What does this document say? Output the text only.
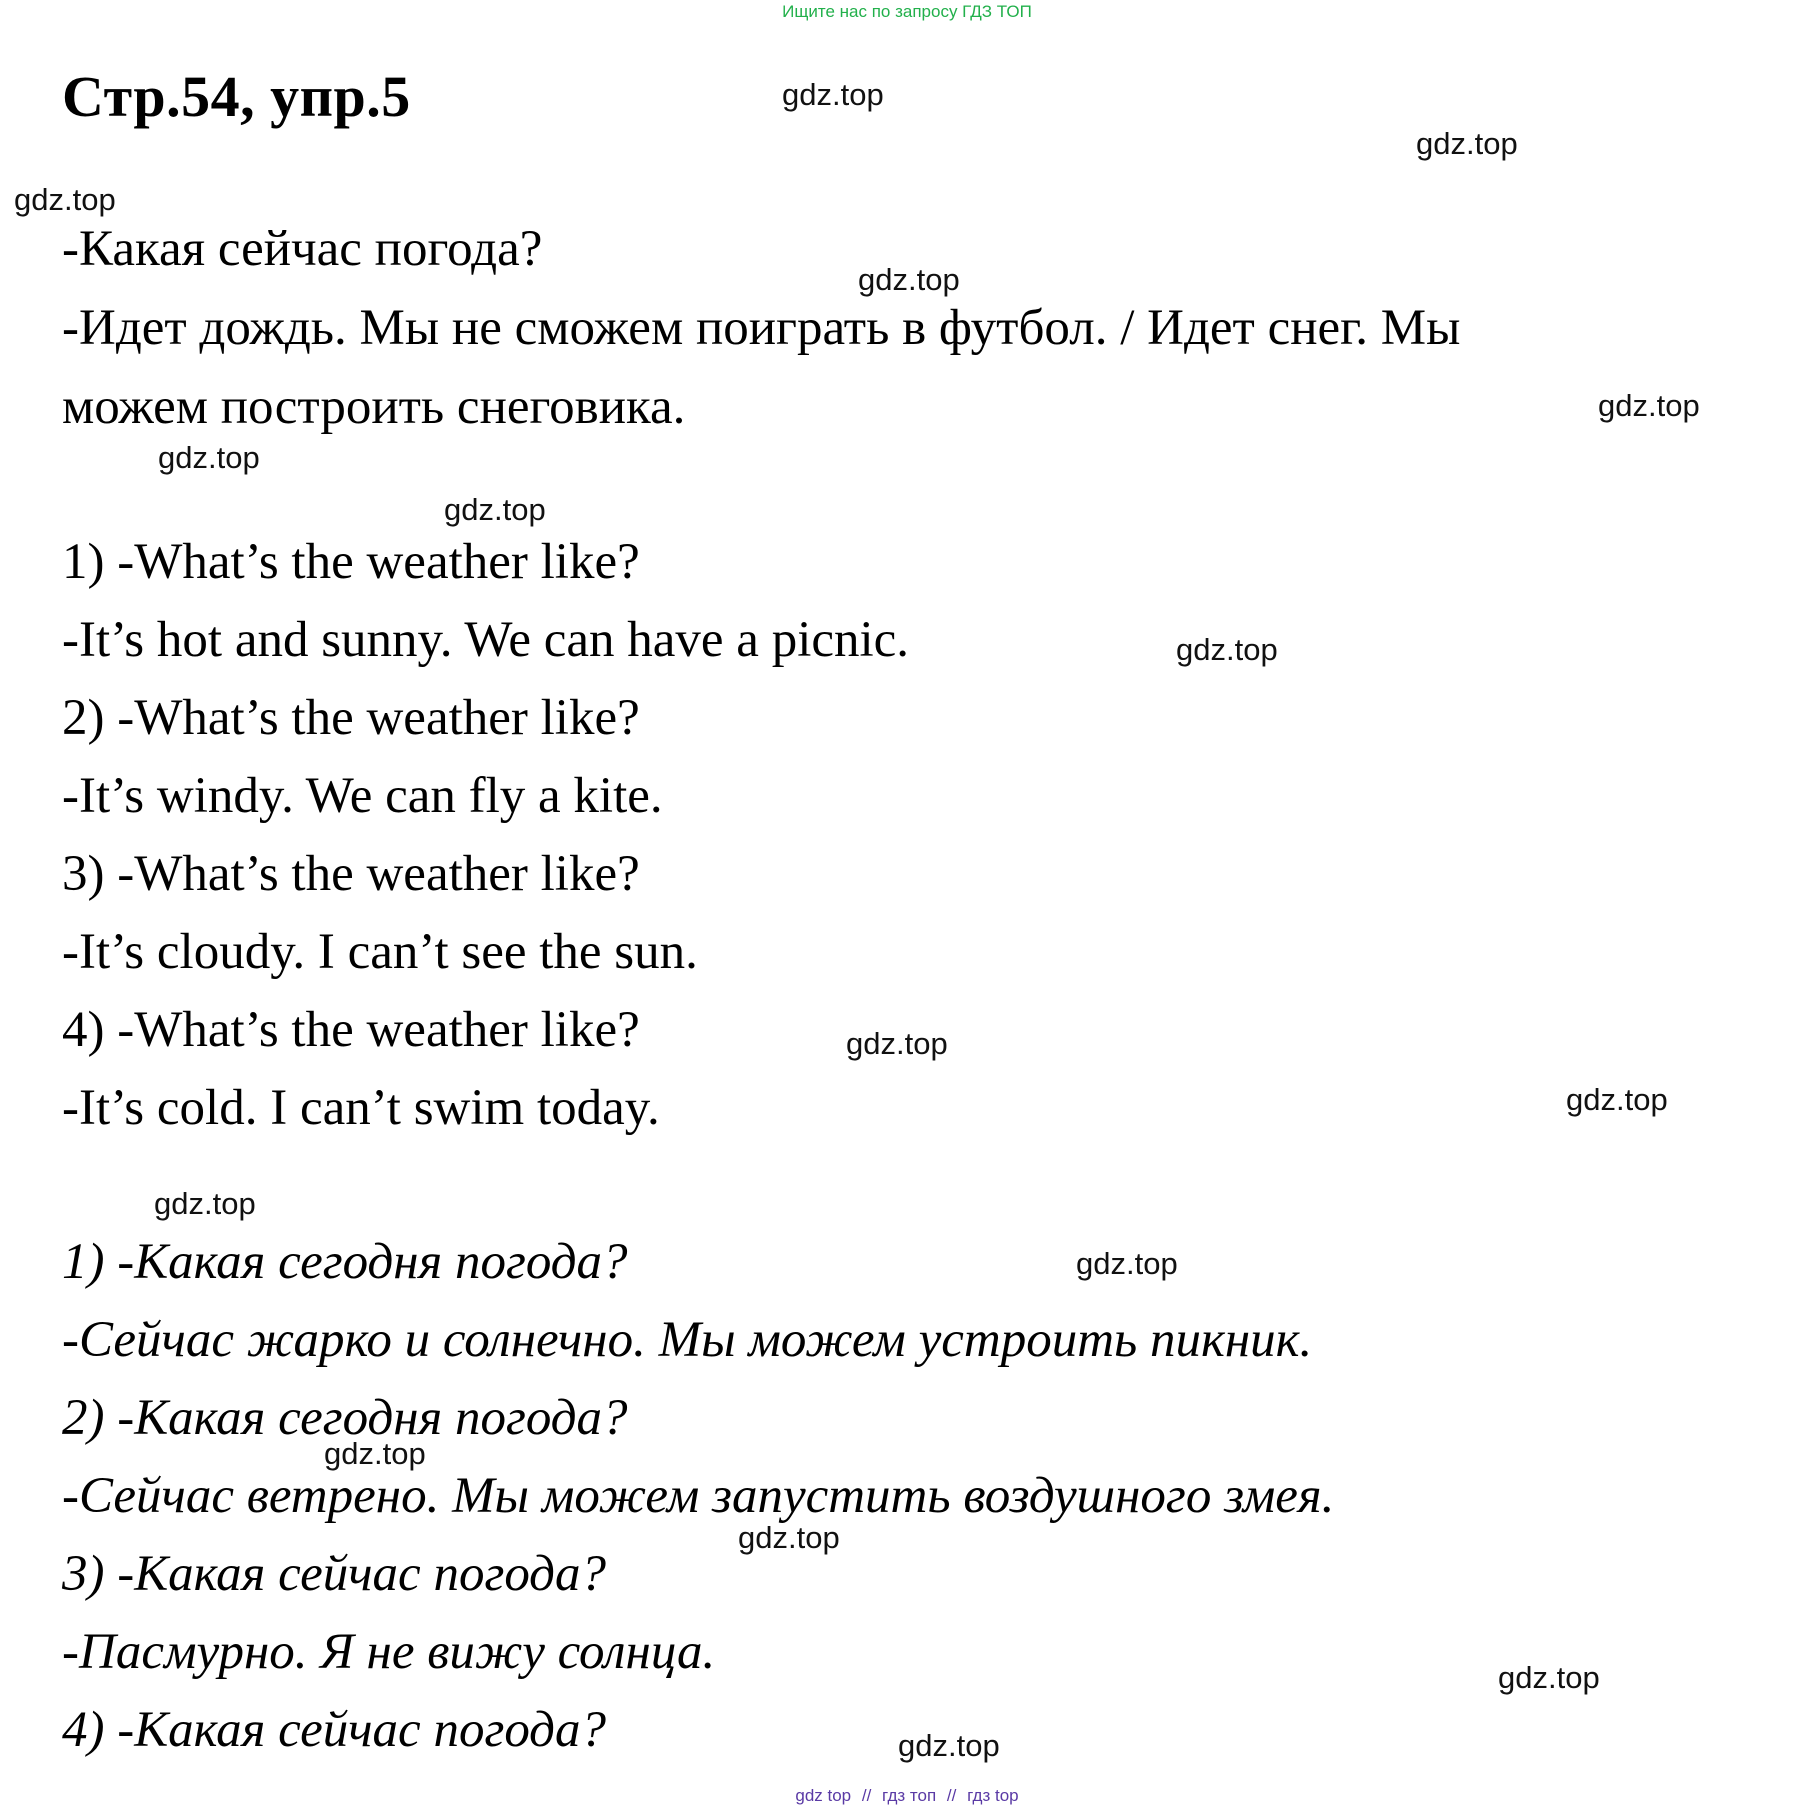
Ищите нас по запросу ГДЗ ТОП
Стр.54, упр.5
-Какая сейчас погода?
-Идет дождь. Мы не сможем поиграть в футбол. / Идет снег. Мы
можем построить снеговика.
1) -What’s the weather like?
-It’s hot and sunny. We can have a picnic.
2) -What’s the weather like?
-It’s windy. We can fly a kite.
3) -What’s the weather like?
-It’s cloudy. I can’t see the sun.
4) -What’s the weather like?
-It’s cold. I can’t swim today.
1) -Какая сегодня погода?
-Сейчас жарко и солнечно. Мы можем устроить пикник.
2) -Какая сегодня погода?
-Сейчас ветрено. Мы можем запустить воздушного змея.
3) -Какая сейчас погода?
-Пасмурно. Я не вижу солнца.
4) -Какая сейчас погода?
gdz.top
gdz.top
gdz.top
gdz.top
gdz.top
gdz.top
gdz.top
gdz.top
gdz.top
gdz.top
gdz.top
gdz.top
gdz.top
gdz.top
gdz.top
gdz.top
gdz top // гдз топ // гдз top
